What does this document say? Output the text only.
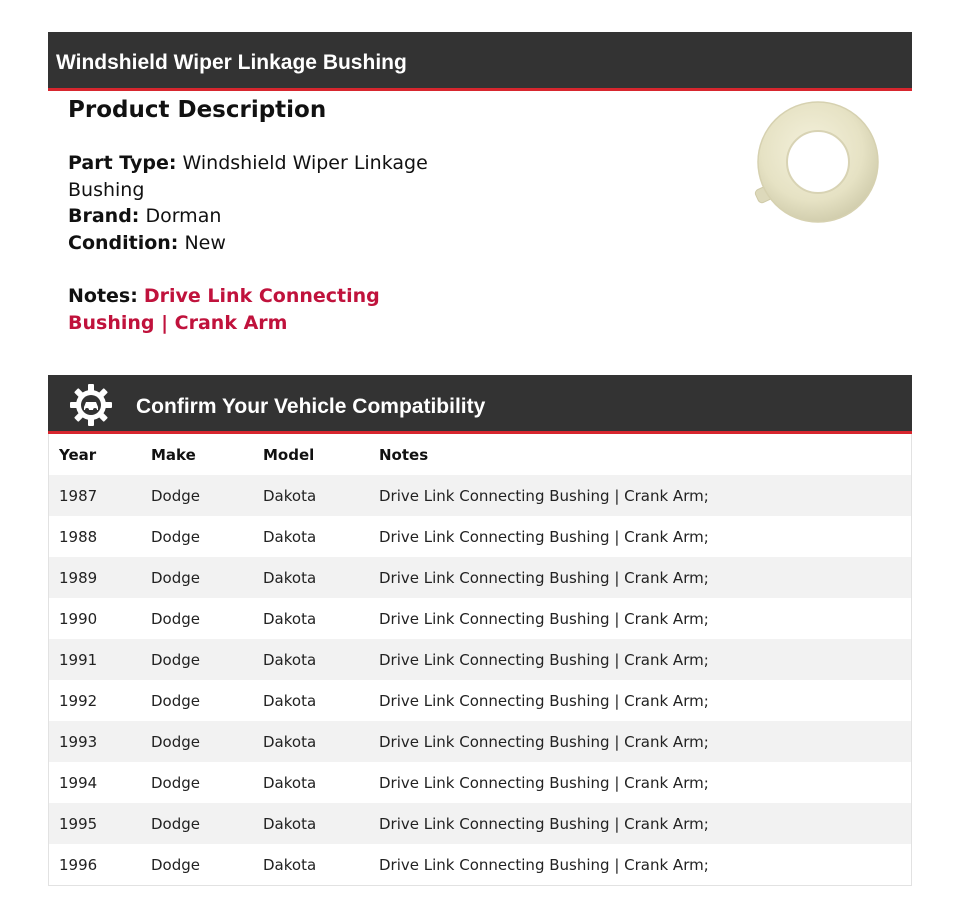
Windshield Wiper Linkage Bushing
Product Description
Part Type: Windshield Wiper Linkage Bushing
Brand: Dorman
Condition: New
Notes: Drive Link Connecting Bushing | Crank Arm
Confirm Your Vehicle Compatibility
Year	Make	Model	Notes
1987	Dodge	Dakota	Drive Link Connecting Bushing | Crank Arm;
1988	Dodge	Dakota	Drive Link Connecting Bushing | Crank Arm;
1989	Dodge	Dakota	Drive Link Connecting Bushing | Crank Arm;
1990	Dodge	Dakota	Drive Link Connecting Bushing | Crank Arm;
1991	Dodge	Dakota	Drive Link Connecting Bushing | Crank Arm;
1992	Dodge	Dakota	Drive Link Connecting Bushing | Crank Arm;
1993	Dodge	Dakota	Drive Link Connecting Bushing | Crank Arm;
1994	Dodge	Dakota	Drive Link Connecting Bushing | Crank Arm;
1995	Dodge	Dakota	Drive Link Connecting Bushing | Crank Arm;
1996	Dodge	Dakota	Drive Link Connecting Bushing | Crank Arm;
